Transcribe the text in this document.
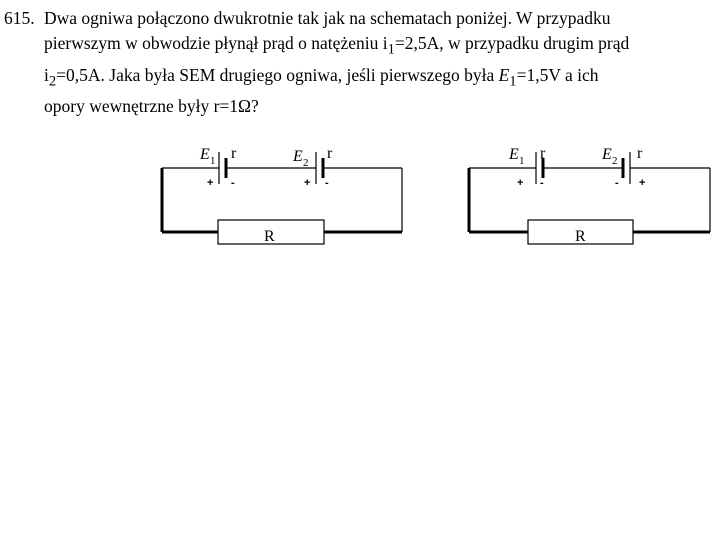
615. Dwa ogniwa połączono dwukrotnie tak jak na schematach poniżej. W przypadku

pierwszym w obwodzie płynął prąd o natężeniu $i_1=2,5A$, w przypadku drugim prąd

$i_2=0,5A$. Jaka była SEM drugiego ogniwa, jeśli pierwszego była $E_1=1,5V$ a ich

opory wewnętrzne były r=1Ω?

E 1 r
+ -
E 2
r
+ -
R
E 1 r
+ -
E 2 r
- +
R
